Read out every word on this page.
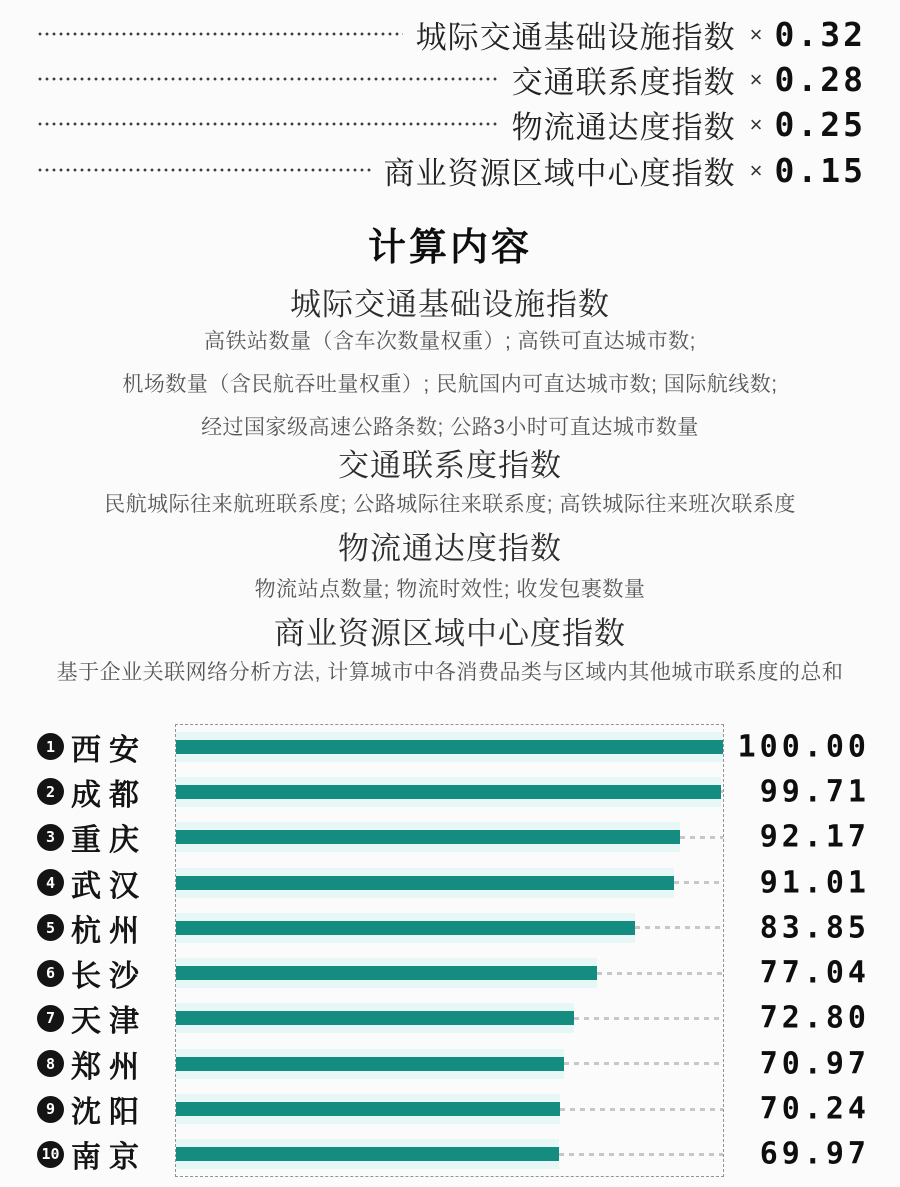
城际交通基础设施指数 × 0.32
交通联系度指数 × 0.28
物流通达度指数 × 0.25
商业资源区域中心度指数 × 0.15
计算内容
城际交通基础设施指数
高铁站数量（含车次数量权重）; 高铁可直达城市数;
机场数量（含民航吞吐量权重）; 民航国内可直达城市数; 国际航线数;
经过国家级高速公路条数; 公路3小时可直达城市数量
交通联系度指数
民航城际往来航班联系度; 公路城际往来联系度; 高铁城际往来班次联系度
物流通达度指数
物流站点数量; 物流时效性; 收发包裹数量
商业资源区域中心度指数
基于企业关联网络分析方法, 计算城市中各消费品类与区域内其他城市联系度的总和
1 西安	100.00
2 成都	99.71
3 重庆	92.17
4 武汉	91.01
5 杭州	83.85
6 长沙	77.04
7 天津	72.80
8 郑州	70.97
9 沈阳	70.24
10 南京	69.97
